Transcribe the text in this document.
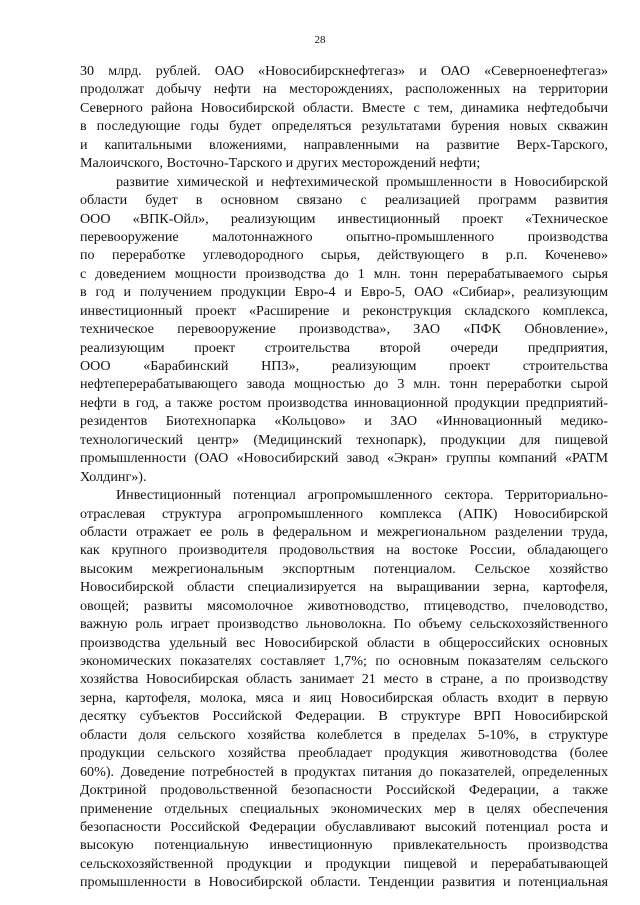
28
30 млрд. рублей. ОАО «Новосибирскнефтегаз» и ОАО «Северноенефтегаз»
продолжат добычу нефти на месторождениях, расположенных на территории
Северного района Новосибирской области. Вместе с тем, динамика нефтедобычи
в последующие годы будет определяться результатами бурения новых скважин
и капитальными вложениями, направленными на развитие Верх-Тарского,
Малоичского, Восточно-Тарского и других месторождений нефти;
развитие химической и нефтехимической промышленности в Новосибирской
области будет в основном связано с реализацией программ развития
ООО «ВПК-Ойл», реализующим инвестиционный проект «Техническое
перевооружение малотоннажного опытно-промышленного производства
по переработке углеводородного сырья, действующего в р.п. Коченево»
с доведением мощности производства до 1 млн. тонн перерабатываемого сырья
в год и получением продукции Евро-4 и Евро-5, ОАО «Сибиар», реализующим
инвестиционный проект «Расширение и реконструкция складского комплекса,
техническое перевооружение производства», ЗАО «ПФК Обновление»,
реализующим проект строительства второй очереди предприятия,
ООО «Барабинский НПЗ», реализующим проект строительства
нефтеперерабатывающего завода мощностью до 3 млн. тонн переработки сырой
нефти в год, а также ростом производства инновационной продукции предприятий-
резидентов Биотехнопарка «Кольцово» и ЗАО «Инновационный медико-
технологический центр» (Медицинский технопарк), продукции для пищевой
промышленности (ОАО «Новосибирский завод «Экран» группы компаний «РАТМ
Холдинг»).
Инвестиционный потенциал агропромышленного сектора. Территориально-
отраслевая структура агропромышленного комплекса (АПК) Новосибирской
области отражает ее роль в федеральном и межрегиональном разделении труда,
как крупного производителя продовольствия на востоке России, обладающего
высоким межрегиональным экспортным потенциалом. Сельское хозяйство
Новосибирской области специализируется на выращивании зерна, картофеля,
овощей; развиты мясомолочное животноводство, птицеводство, пчеловодство,
важную роль играет производство льноволокна. По объему сельскохозяйственного
производства удельный вес Новосибирской области в общероссийских основных
экономических показателях составляет 1,7%; по основным показателям сельского
хозяйства Новосибирская область занимает 21 место в стране, а по производству
зерна, картофеля, молока, мяса и яиц Новосибирская область входит в первую
десятку субъектов Российской Федерации. В структуре ВРП Новосибирской
области доля сельского хозяйства колеблется в пределах 5-10%, в структуре
продукции сельского хозяйства преобладает продукция животноводства (более
60%). Доведение потребностей в продуктах питания до показателей, определенных
Доктриной продовольственной безопасности Российской Федерации, а также
применение отдельных специальных экономических мер в целях обеспечения
безопасности Российской Федерации обуславливают высокий потенциал роста и
высокую потенциальную инвестиционную привлекательность производства
сельскохозяйственной продукции и продукции пищевой и перерабатывающей
промышленности в Новосибирской области. Тенденции развития и потенциальная
